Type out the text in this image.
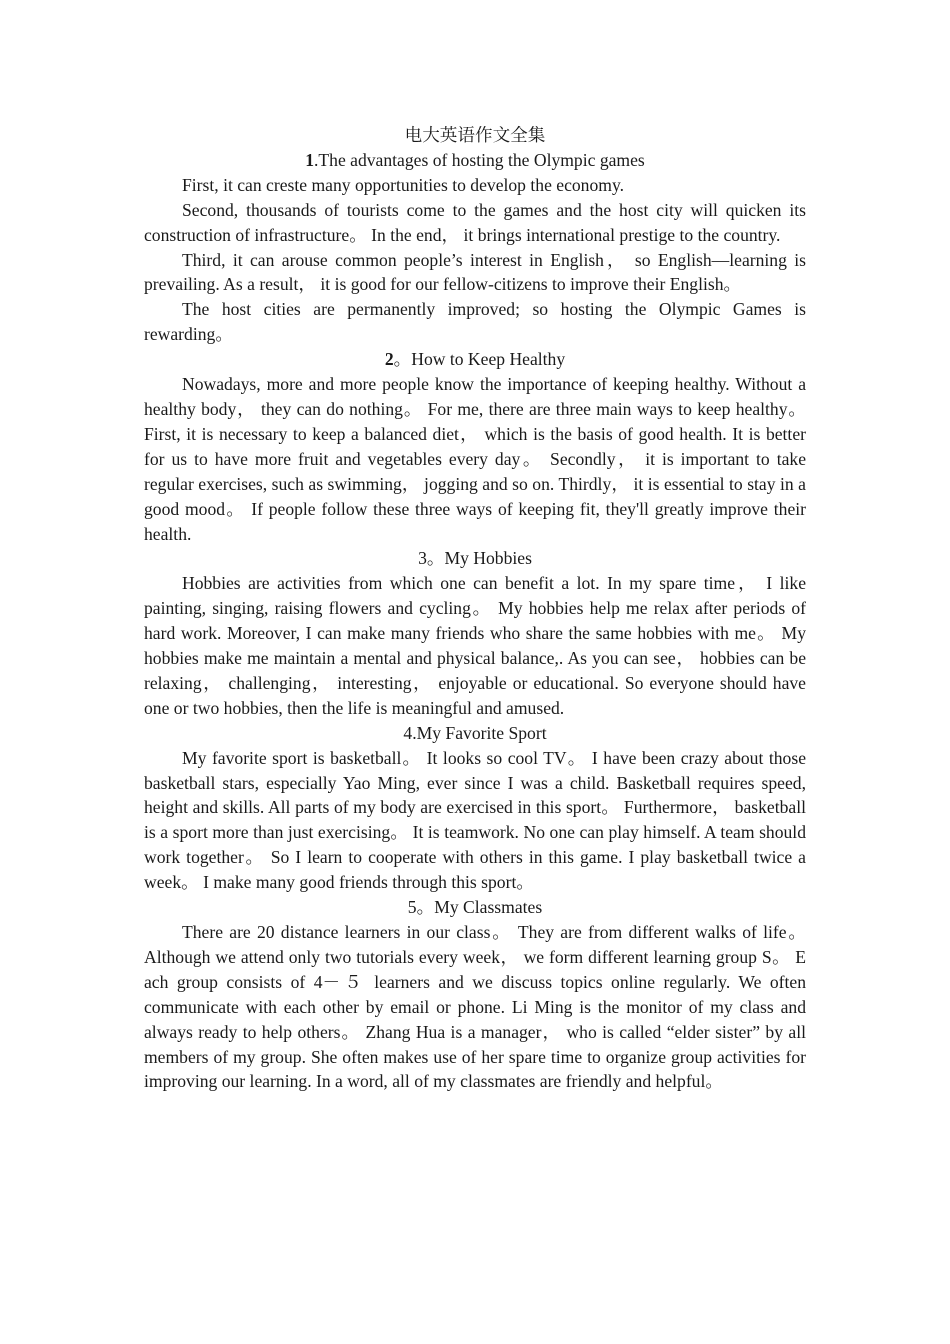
电大英语作文全集
1.The advantages of hosting the Olympic games

First, it can creste many opportunities to develop the economy.

Second, thousands of tourists come to the games and the host city will quicken its construction of infrastructure。 In the end， it brings international prestige to the country.

Third, it can arouse common people’s interest in English， so English—learning is prevailing. As a result， it is good for our fellow-citizens to improve their English。

The host cities are permanently improved; so hosting the Olympic Games is rewarding。

2。How to Keep Healthy

Nowadays, more and more people know the importance of keeping healthy. Without a healthy body， they can do nothing。 For me, there are three main ways to keep healthy。 First, it is necessary to keep a balanced diet， which is the basis of good health. It is better for us to have more fruit and vegetables every day。 Secondly， it is important to take regular exercises, such as swimming， jogging and so on. Thirdly， it is essential to stay in a good mood。 If people follow these three ways of keeping fit, they'll greatly improve their health.

3。My Hobbies

Hobbies are activities from which one can benefit a lot. In my spare time， I like painting, singing, raising flowers and cycling。 My hobbies help me relax after periods of hard work. Moreover, I can make many friends who share the same hobbies with me。 My hobbies make me maintain a mental and physical balance,. As you can see， hobbies can be relaxing， challenging， interesting， enjoyable or educational. So everyone should have one or two hobbies, then the life is meaningful and amused.

4.My Favorite Sport

My favorite sport is basketball。 It looks so cool TV。 I have been crazy about those basketball stars, especially Yao Ming, ever since I was a child. Basketball requires speed, height and skills. All parts of my body are exercised in this sport。 Furthermore， basketball is a sport more than just exercising。 It is teamwork. No one can play himself. A team should work together。 So I learn to cooperate with others in this game. I play basketball twice a week。 I make many good friends through this sport。

5。My Classmates

There are 20 distance learners in our class。 They are from different walks of life。 Although we attend only two tutorials every week， we form different learning group S。 E ach group consists of 4－５ learners and we discuss topics online regularly. We often communicate with each other by email or phone. Li Ming is the monitor of my class and always ready to help others。 Zhang Hua is a manager， who is called “elder sister” by all members of my group. She often makes use of her spare time to organize group activities for improving our learning. In a word, all of my classmates are friendly and helpful。
